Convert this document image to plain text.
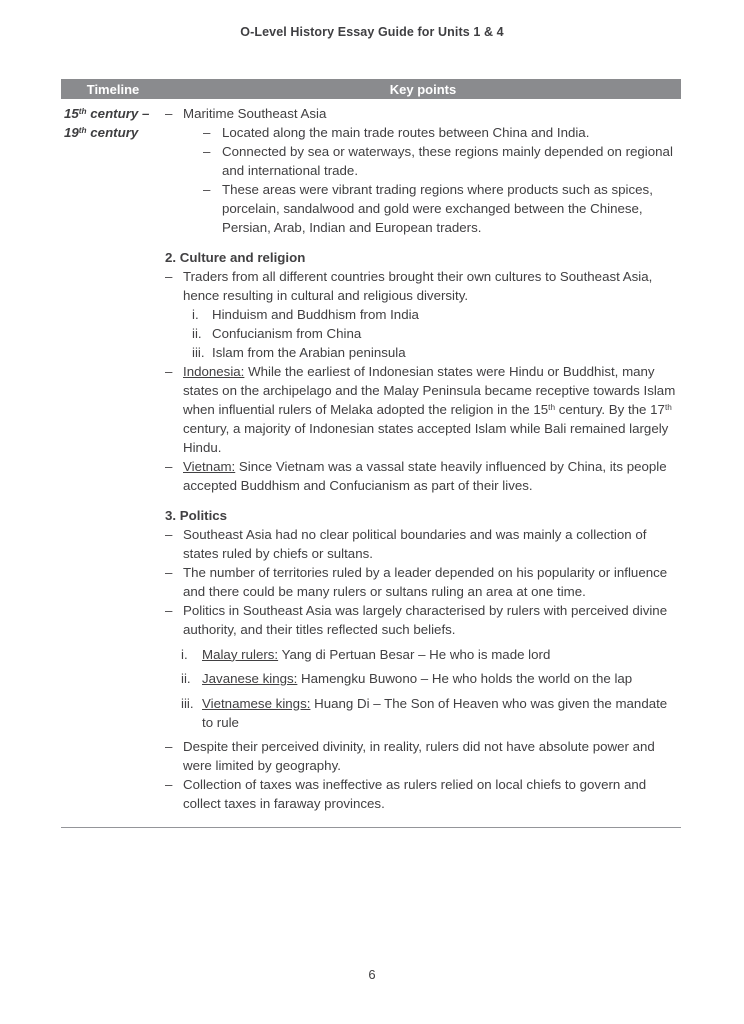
O-Level History Essay Guide for Units 1 & 4
Timeline	Key points
15th century –
19th century
– Maritime Southeast Asia
– Located along the main trade routes between China and India.
– Connected by sea or waterways, these regions mainly depended on regional and international trade.
– These areas were vibrant trading regions where products such as spices, porcelain, sandalwood and gold were exchanged between the Chinese, Persian, Arab, Indian and European traders.
2. Culture and religion
– Traders from all different countries brought their own cultures to Southeast Asia, hence resulting in cultural and religious diversity.
i.	Hinduism and Buddhism from India
ii. Confucianism from China
iii. Islam from the Arabian peninsula
– Indonesia: While the earliest of Indonesian states were Hindu or Buddhist, many states on the archipelago and the Malay Peninsula became receptive towards Islam when influential rulers of Melaka adopted the religion in the 15th century. By the 17th century, a majority of Indonesian states accepted Islam while Bali remained largely Hindu.
– Vietnam: Since Vietnam was a vassal state heavily influenced by China, its people accepted Buddhism and Confucianism as part of their lives.
3. Politics
– Southeast Asia had no clear political boundaries and was mainly a collection of states ruled by chiefs or sultans.
– The number of territories ruled by a leader depended on his popularity or influence and there could be many rulers or sultans ruling an area at one time.
– Politics in Southeast Asia was largely characterised by rulers with perceived divine authority, and their titles reflected such beliefs.
i.	Malay rulers: Yang di Pertuan Besar – He who is made lord
ii. Javanese kings: Hamengku Buwono – He who holds the world on the lap
iii. Vietnamese kings: Huang Di – The Son of Heaven who was given the mandate to rule
– Despite their perceived divinity, in reality, rulers did not have absolute power and were limited by geography.
– Collection of taxes was ineffective as rulers relied on local chiefs to govern and collect taxes in faraway provinces.
6
